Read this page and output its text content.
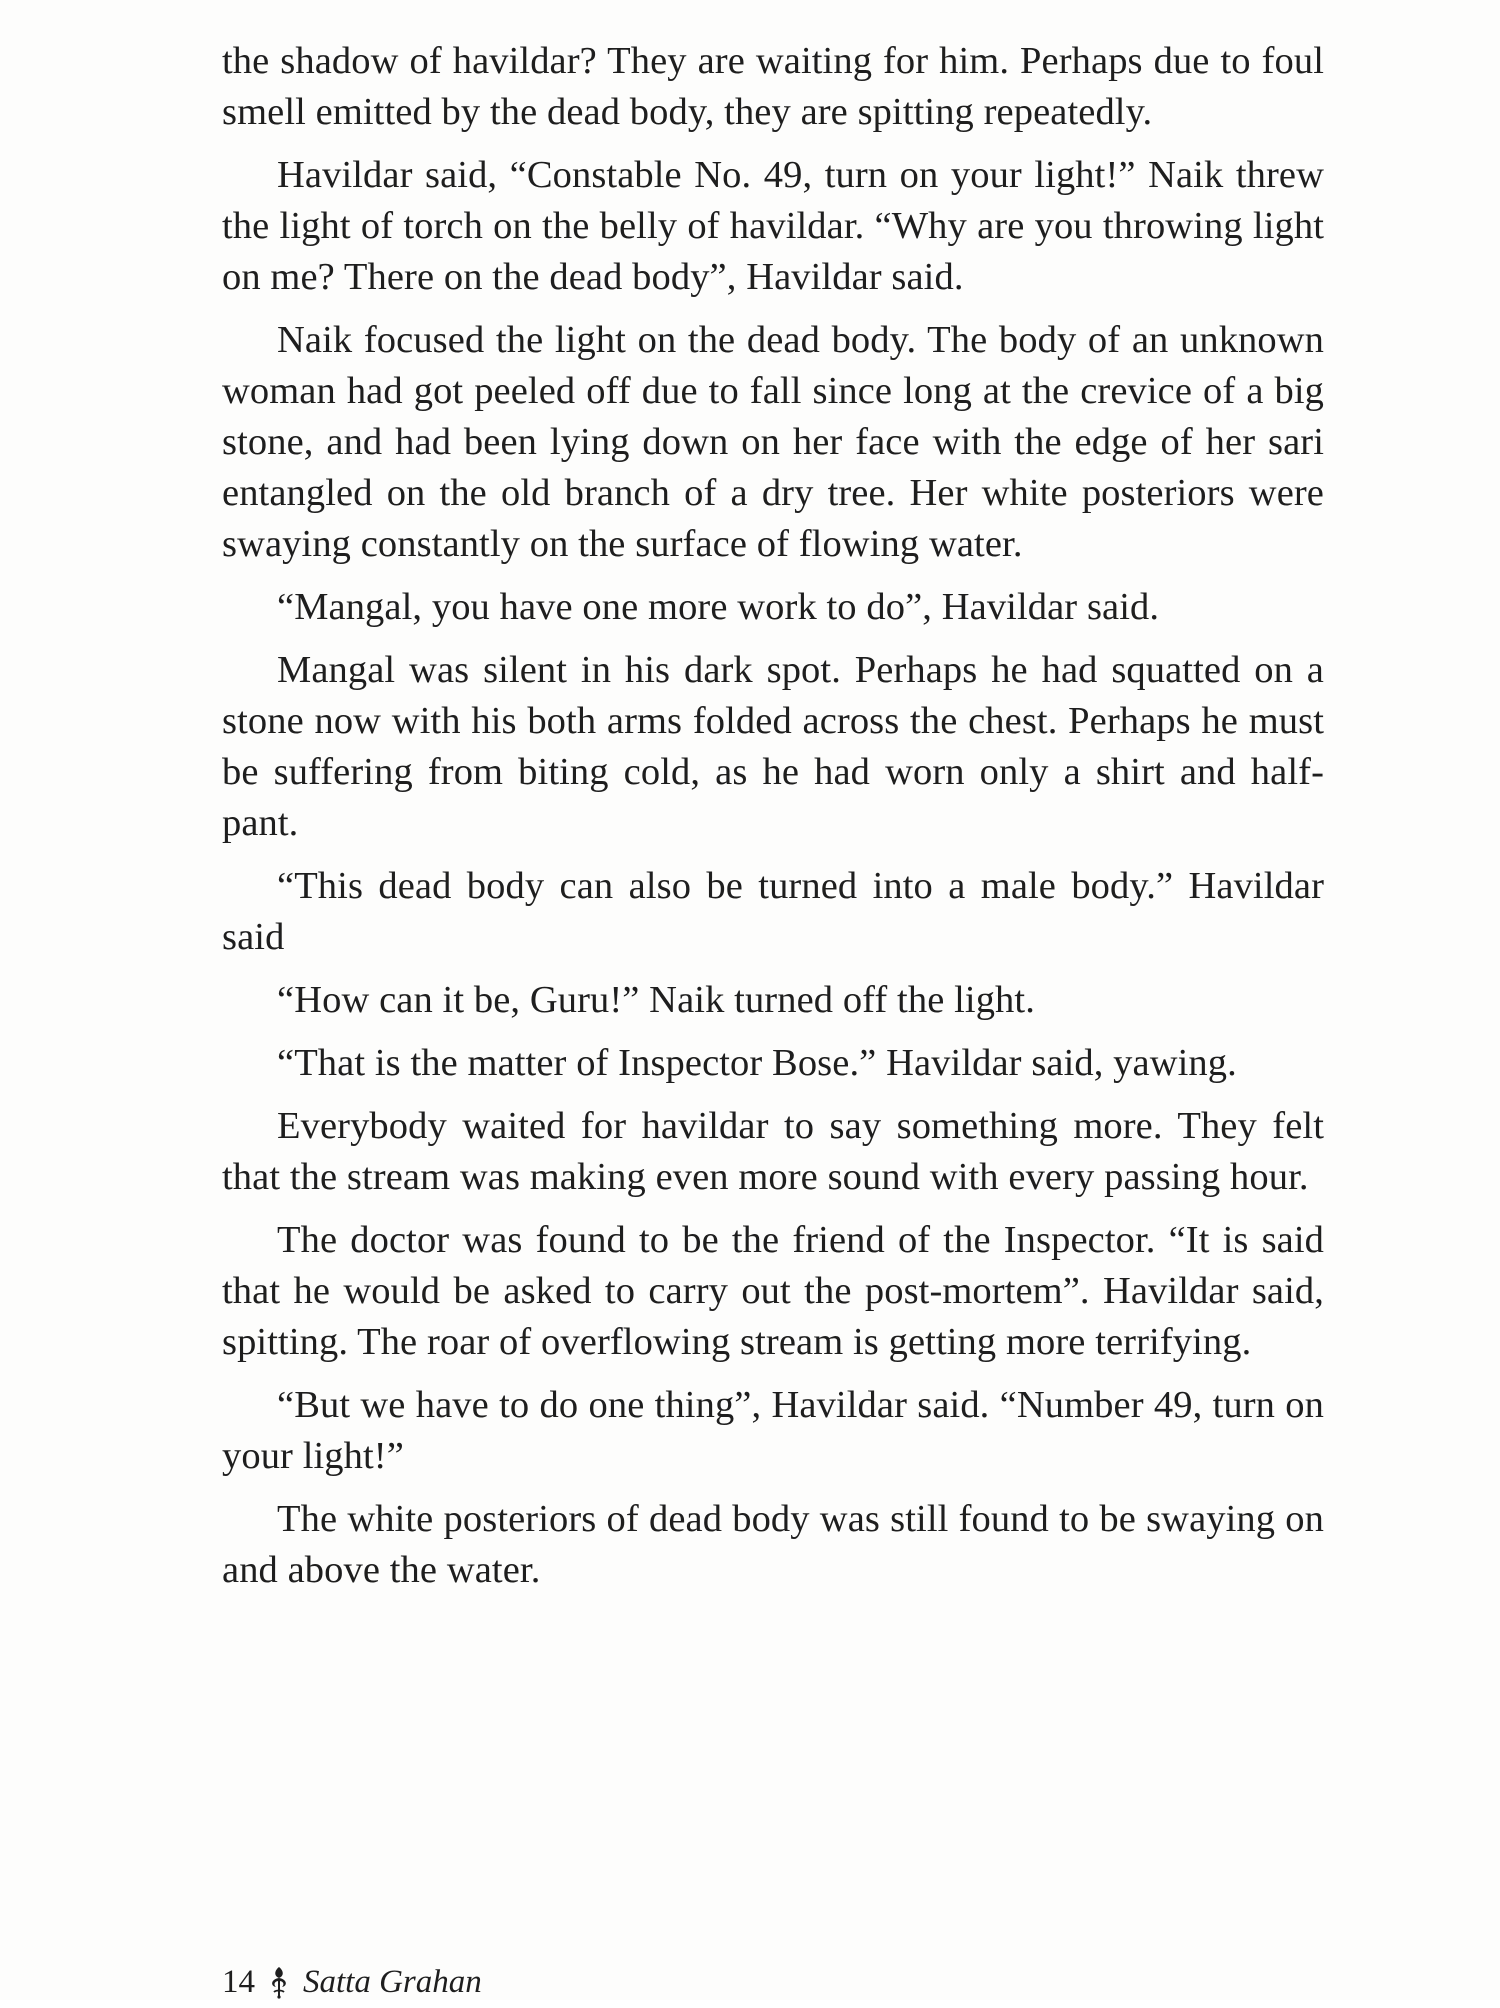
the shadow of havildar? They are waiting for him. Perhaps due to foul smell emitted by the dead body, they are spitting repeatedly.

Havildar said, “Constable No. 49, turn on your light!” Naik threw the light of torch on the belly of havildar. “Why are you throwing light on me? There on the dead body”, Havildar said.

Naik focused the light on the dead body. The body of an unknown woman had got peeled off due to fall since long at the crevice of a big stone, and had been lying down on her face with the edge of her sari entangled on the old branch of a dry tree. Her white posteriors were swaying constantly on the surface of flowing water.

“Mangal, you have one more work to do”, Havildar said.

Mangal was silent in his dark spot. Perhaps he had squatted on a stone now with his both arms folded across the chest. Perhaps he must be suffering from biting cold, as he had worn only a shirt and half-pant.

“This dead body can also be turned into a male body.” Havildar said

“How can it be, Guru!” Naik turned off the light.

“That is the matter of Inspector Bose.” Havildar said, yawing.

Everybody waited for havildar to say something more. They felt that the stream was making even more sound with every passing hour.

The doctor was found to be the friend of the Inspector. “It is said that he would be asked to carry out the post-mortem”. Havildar said, spitting. The roar of overflowing stream is getting more terrifying.

“But we have to do one thing”, Havildar said. “Number 49, turn on your light!”

The white posteriors of dead body was still found to be swaying on and above the water.

14 Satta Grahan
